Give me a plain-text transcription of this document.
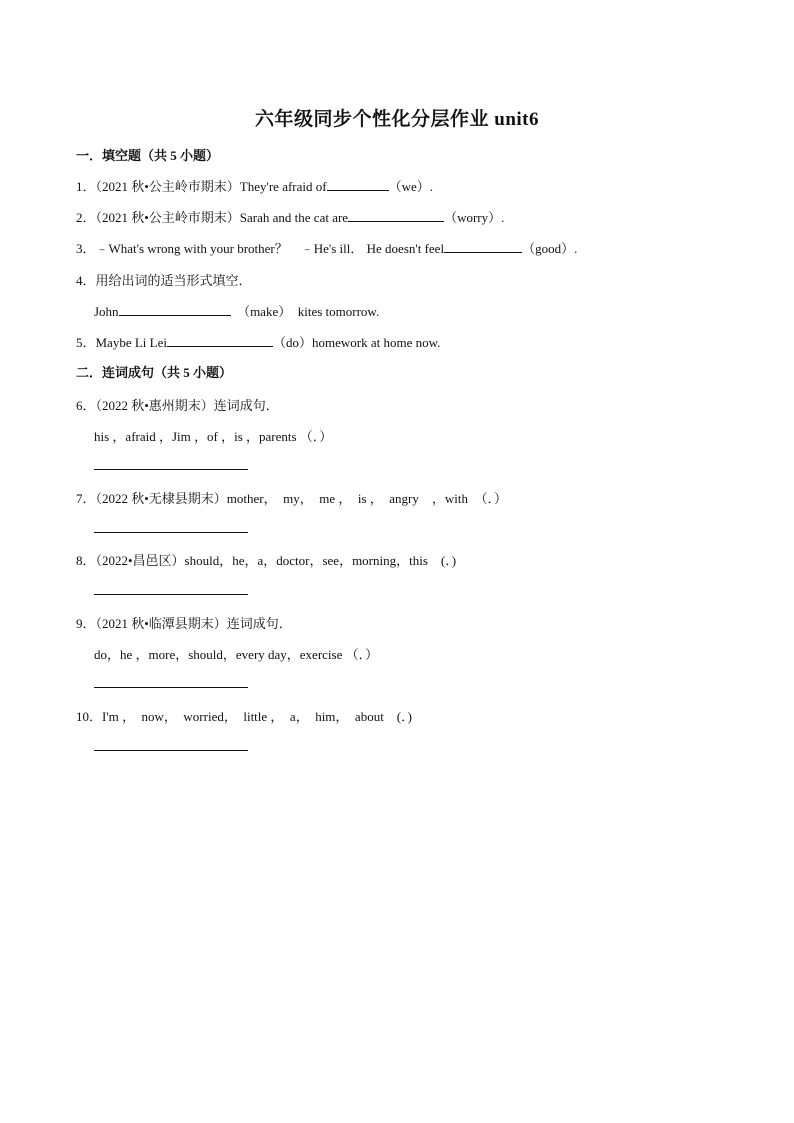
六年级同步个性化分层作业 unit6
一．填空题（共 5 小题）
1．（2021 秋•公主岭市期末）They're afraid of	（we）.
2．（2021 秋•公主岭市期末）Sarah and the cat are	（worry）.
3．﹣What's wrong with your brother？　﹣He's ill． He doesn't feel	（good）.
4．用给出词的适当形式填空．
John	（make）　kites tomorrow.
5．Maybe Li Lei	（do）homework at home now.
二．连词成句（共 5 小题）
6．（2022 秋•惠州期末）连词成句．
his ，afraid ，Jim ，of ，is ，parents （．）
7．（2022 秋•无棣县期末）mother，　my，　me ，　is ，　angry　，with　（．）
8．（2022•昌邑区）should，he，a，doctor，see，morning，this　(．)
9．（2021 秋•临潭县期末）连词成句．
do，he ，more，should，every day，exercise （．）
10．I'm ，　now，　worried，　little ，　a，　him，　about　(．)
